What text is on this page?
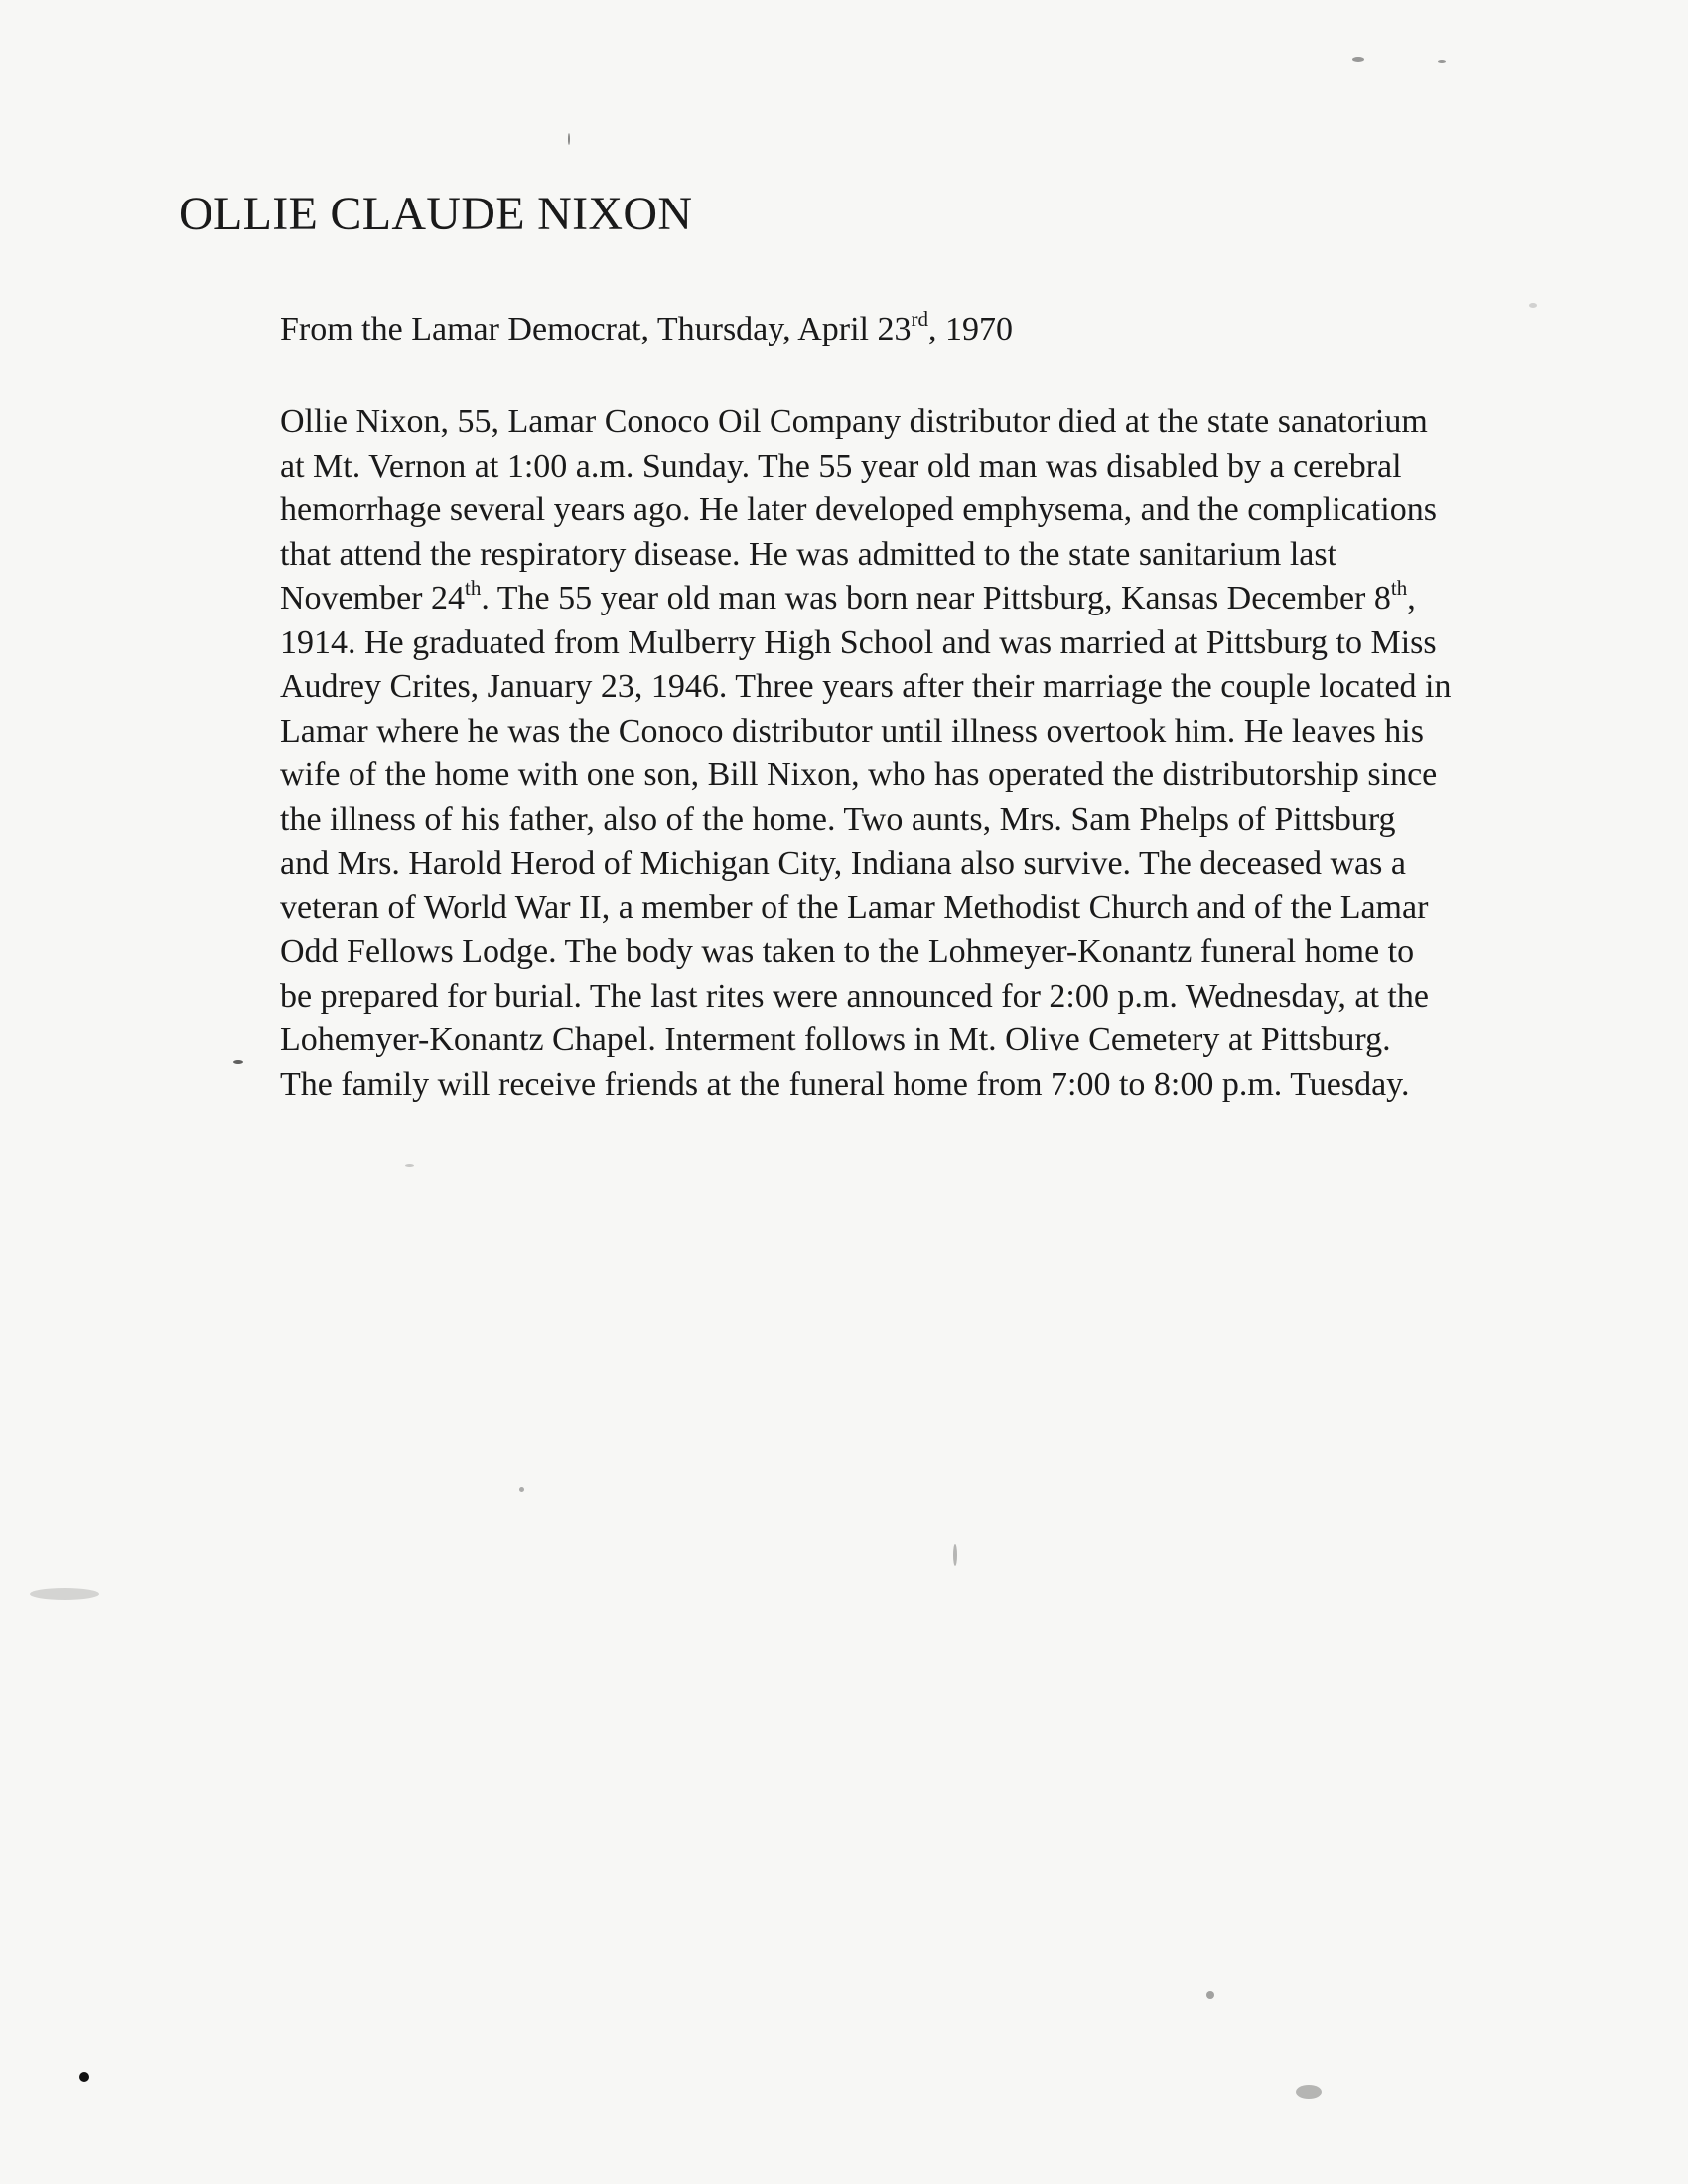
OLLIE CLAUDE NIXON
From the Lamar Democrat, Thursday, April 23rd, 1970
Ollie Nixon, 55, Lamar Conoco Oil Company distributor died at the state sanatorium
at Mt. Vernon at 1:00 a.m. Sunday. The 55 year old man was disabled by a cerebral
hemorrhage several years ago. He later developed emphysema, and the complications
that attend the respiratory disease. He was admitted to the state sanitarium last
November 24th. The 55 year old man was born near Pittsburg, Kansas December 8th,
1914. He graduated from Mulberry High School and was married at Pittsburg to Miss
Audrey Crites, January 23, 1946. Three years after their marriage the couple located in
Lamar where he was the Conoco distributor until illness overtook him. He leaves his
wife of the home with one son, Bill Nixon, who has operated the distributorship since
the illness of his father, also of the home. Two aunts, Mrs. Sam Phelps of Pittsburg
and Mrs. Harold Herod of Michigan City, Indiana also survive. The deceased was a
veteran of World War II, a member of the Lamar Methodist Church and of the Lamar
Odd Fellows Lodge. The body was taken to the Lohmeyer-Konantz funeral home to
be prepared for burial. The last rites were announced for 2:00 p.m. Wednesday, at the
Lohemyer-Konantz Chapel. Interment follows in Mt. Olive Cemetery at Pittsburg.
The family will receive friends at the funeral home from 7:00 to 8:00 p.m. Tuesday.
